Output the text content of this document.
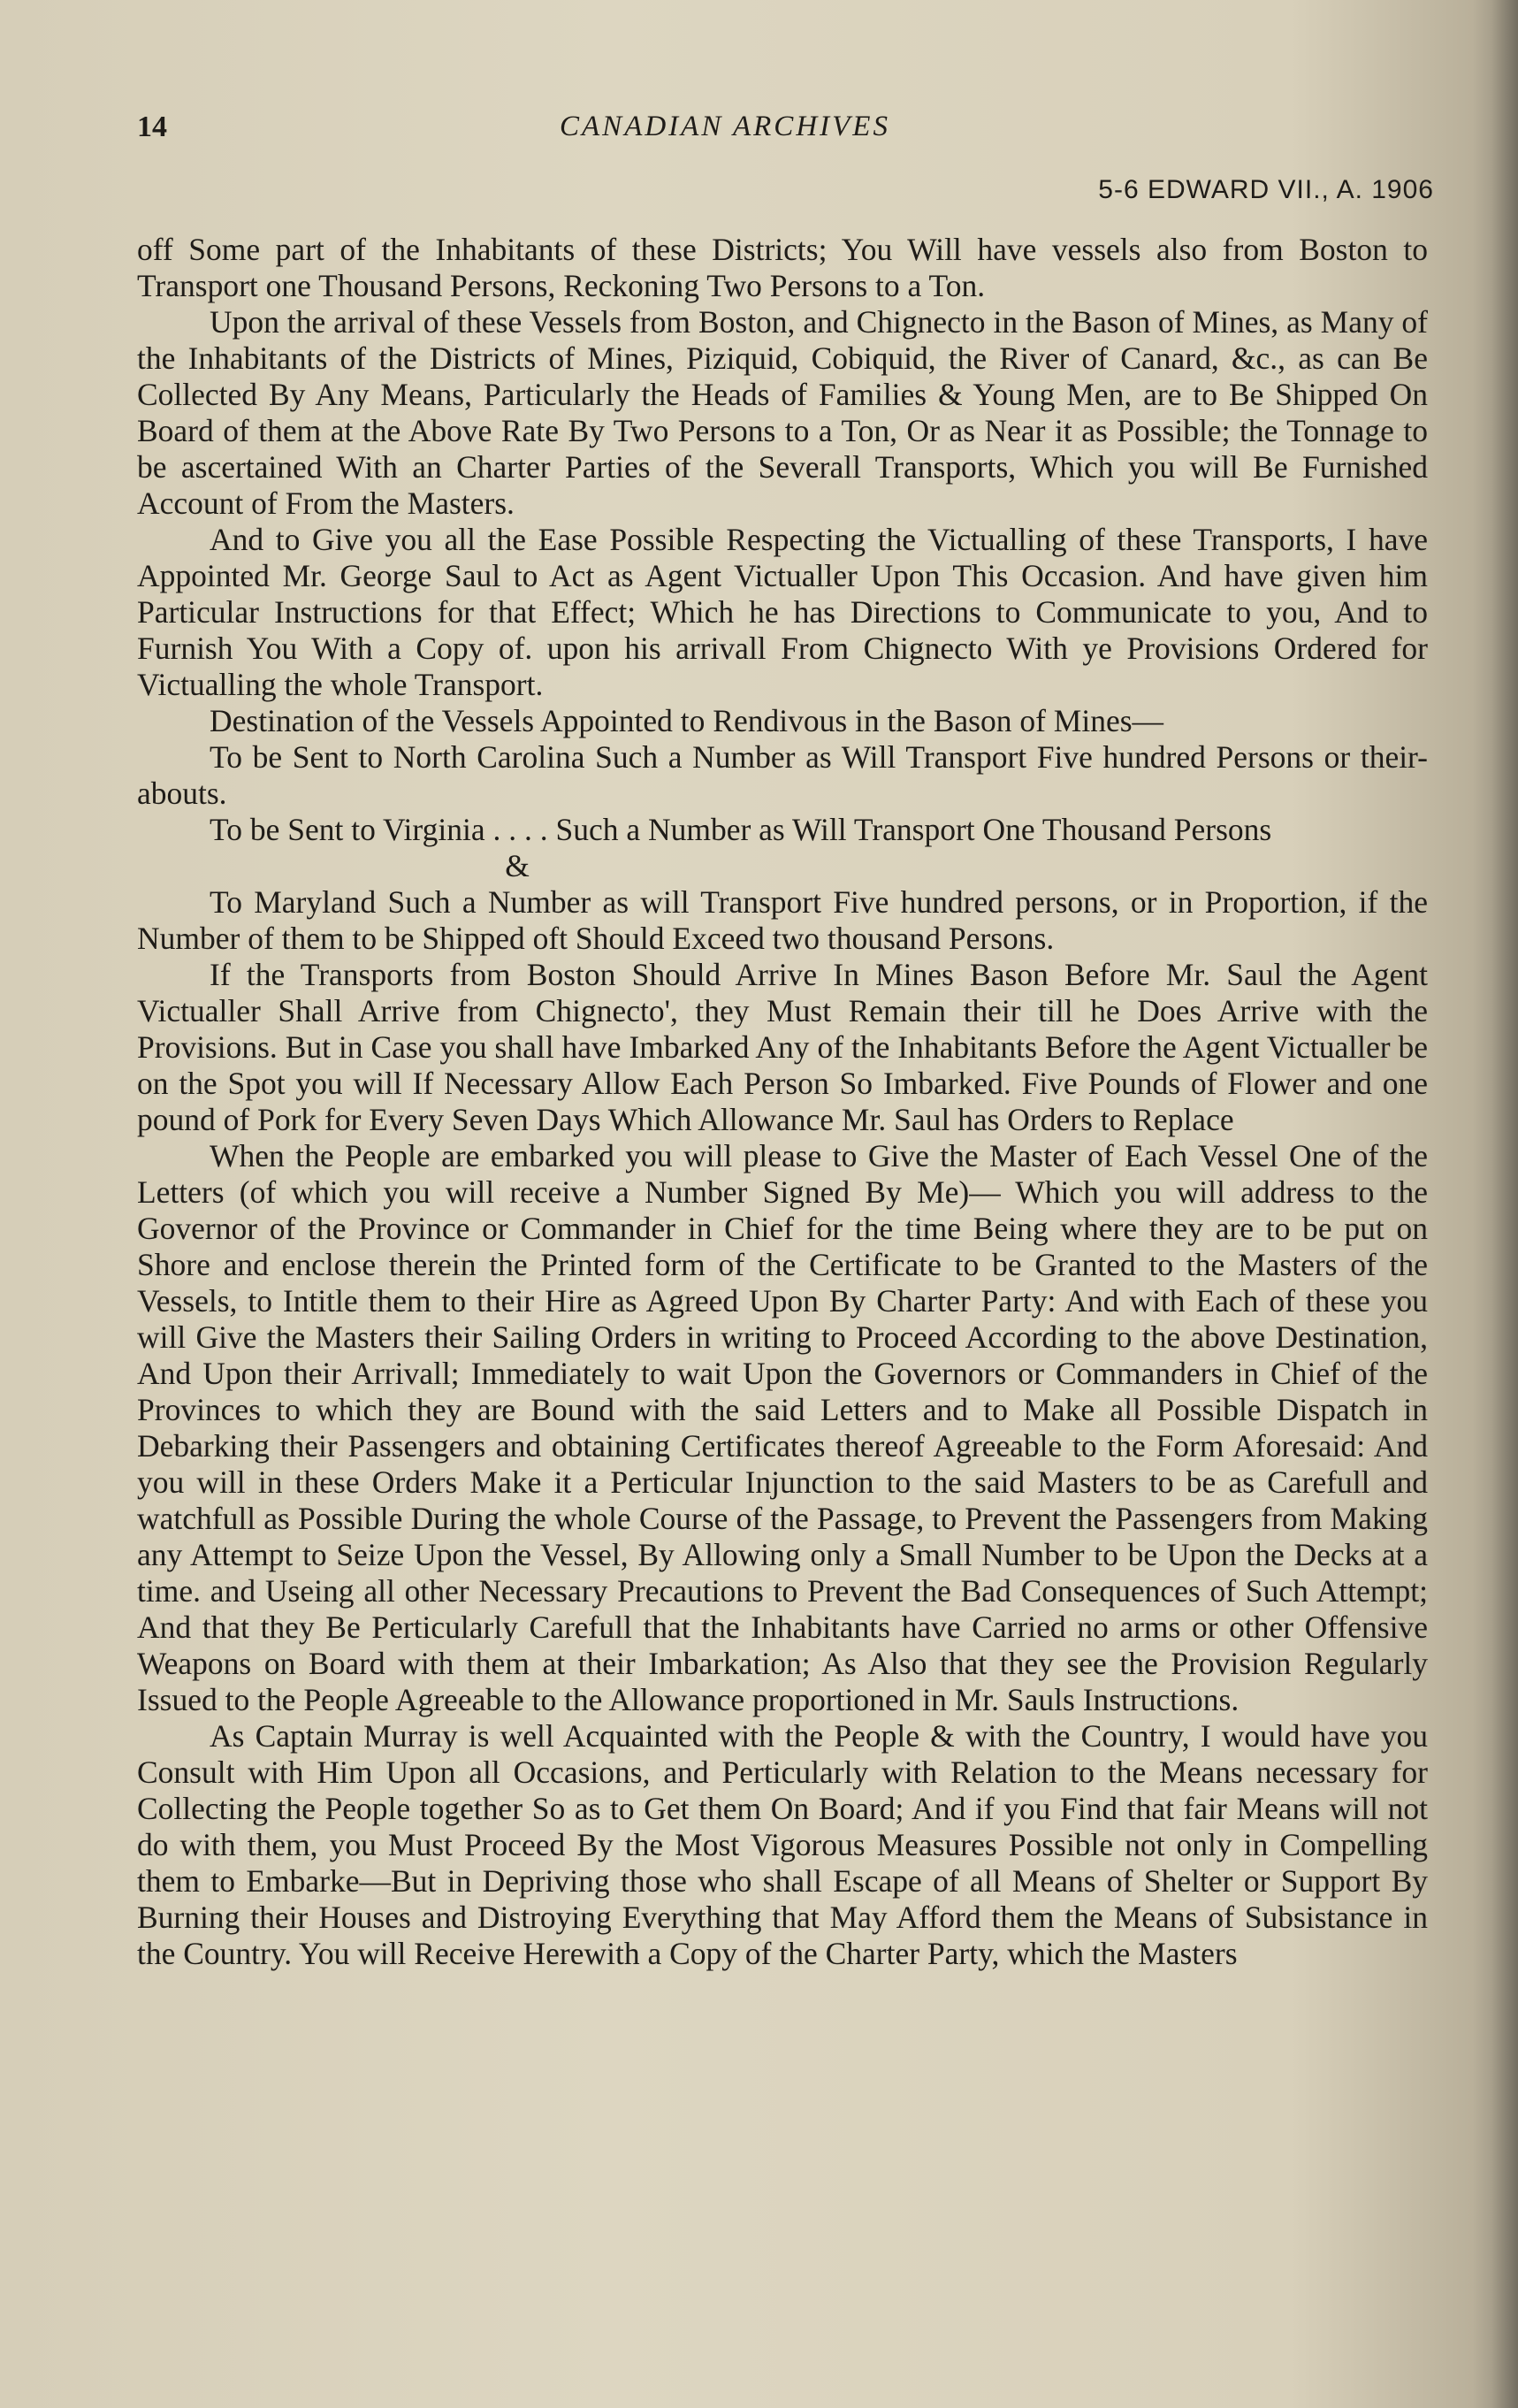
14	CANADIAN ARCHIVES
5-6 EDWARD VII., A. 1906

off Some part of the Inhabitants of these Districts; You Will have vessels also from Boston to Transport one Thousand Persons, Reckoning Two Persons to a Ton.

Upon the arrival of these Vessels from Boston, and Chignecto in the Bason of Mines, as Many of the Inhabitants of the Districts of Mines, Piziquid, Cobiquid, the River of Canard, &c., as can Be Collected By Any Means, Particularly the Heads of Families & Young Men, are to Be Shipped On Board of them at the Above Rate By Two Persons to a Ton, Or as Near it as Possible; the Tonnage to be ascertained With an Charter Parties of the Severall Transports, Which you will Be Furnished Account of From the Masters.

And to Give you all the Ease Possible Respecting the Victualling of these Transports, I have Appointed Mr. George Saul to Act as Agent Victualler Upon This Occasion. And have given him Particular Instructions for that Effect; Which he has Directions to Communicate to you, And to Furnish You With a Copy of. upon his arrivall From Chignecto With ye Provisions Ordered for Victualling the whole Transport.

Destination of the Vessels Appointed to Rendivous in the Bason of Mines—

To be Sent to North Carolina Such a Number as Will Transport Five hundred Persons or their-abouts.

To be Sent to Virginia . . . . Such a Number as Will Transport One Thousand Persons

&

To Maryland Such a Number as will Transport Five hundred persons, or in Proportion, if the Number of them to be Shipped oft Should Exceed two thousand Persons.

If the Transports from Boston Should Arrive In Mines Bason Before Mr. Saul the Agent Victualler Shall Arrive from Chignecto', they Must Remain their till he Does Arrive with the Provisions. But in Case you shall have Imbarked Any of the Inhabitants Before the Agent Victualler be on the Spot you will If Necessary Allow Each Person So Imbarked. Five Pounds of Flower and one pound of Pork for Every Seven Days Which Allowance Mr. Saul has Orders to Replace

When the People are embarked you will please to Give the Master of Each Vessel One of the Letters (of which you will receive a Number Signed By Me)— Which you will address to the Governor of the Province or Commander in Chief for the time Being where they are to be put on Shore and enclose therein the Printed form of the Certificate to be Granted to the Masters of the Vessels, to Intitle them to their Hire as Agreed Upon By Charter Party: And with Each of these you will Give the Masters their Sailing Orders in writing to Proceed According to the above Destination, And Upon their Arrivall; Immediately to wait Upon the Governors or Commanders in Chief of the Provinces to which they are Bound with the said Letters and to Make all Possible Dispatch in Debarking their Passengers and obtaining Certificates thereof Agreeable to the Form Aforesaid: And you will in these Orders Make it a Perticular Injunction to the said Masters to be as Carefull and watchfull as Possible During the whole Course of the Passage, to Prevent the Passengers from Making any Attempt to Seize Upon the Vessel, By Allowing only a Small Number to be Upon the Decks at a time. and Useing all other Necessary Precautions to Prevent the Bad Consequences of Such Attempt; And that they Be Perticularly Carefull that the Inhabitants have Carried no arms or other Offensive Weapons on Board with them at their Imbarkation; As Also that they see the Provision Regularly Issued to the People Agreeable to the Allowance proportioned in Mr. Sauls Instructions.

As Captain Murray is well Acquainted with the People & with the Country, I would have you Consult with Him Upon all Occasions, and Perticularly with Relation to the Means necessary for Collecting the People together So as to Get them On Board; And if you Find that fair Means will not do with them, you Must Proceed By the Most Vigorous Measures Possible not only in Compelling them to Embarke—But in Depriving those who shall Escape of all Means of Shelter or Support By Burning their Houses and Distroying Everything that May Afford them the Means of Subsistance in the Country. You will Receive Herewith a Copy of the Charter Party, which the Masters
